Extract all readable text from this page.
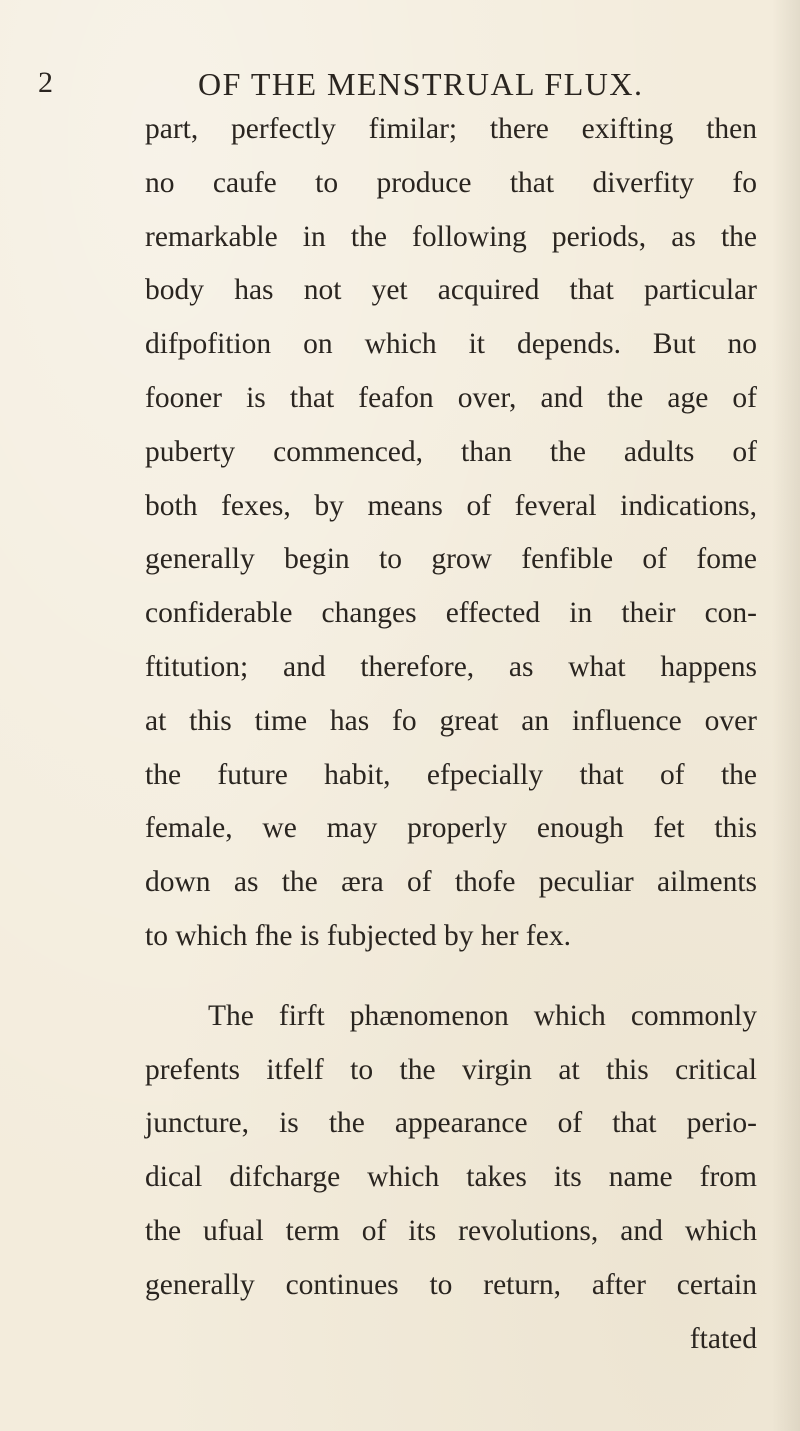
2	OF THE MENSTRUAL FLUX.
part, perfectly fimilar; there exifting then
no caufe to produce that diverfity fo
remarkable in the following periods, as the
body has not yet acquired that particular
difpofition on which it depends. But no
fooner is that feafon over, and the age of
puberty commenced, than the adults of
both fexes, by means of feveral indications,
generally begin to grow fenfible of fome
confiderable changes effected in their con-
ftitution; and therefore, as what happens
at this time has fo great an influence over
the future habit, efpecially that of the
female, we may properly enough fet this
down as the æra of thofe peculiar ailments
to which fhe is fubjected by her fex.
The firft phænomenon which commonly
prefents itfelf to the virgin at this critical
juncture, is the appearance of that perio-
dical difcharge which takes its name from
the ufual term of its revolutions, and which
generally continues to return, after certain
ftated
